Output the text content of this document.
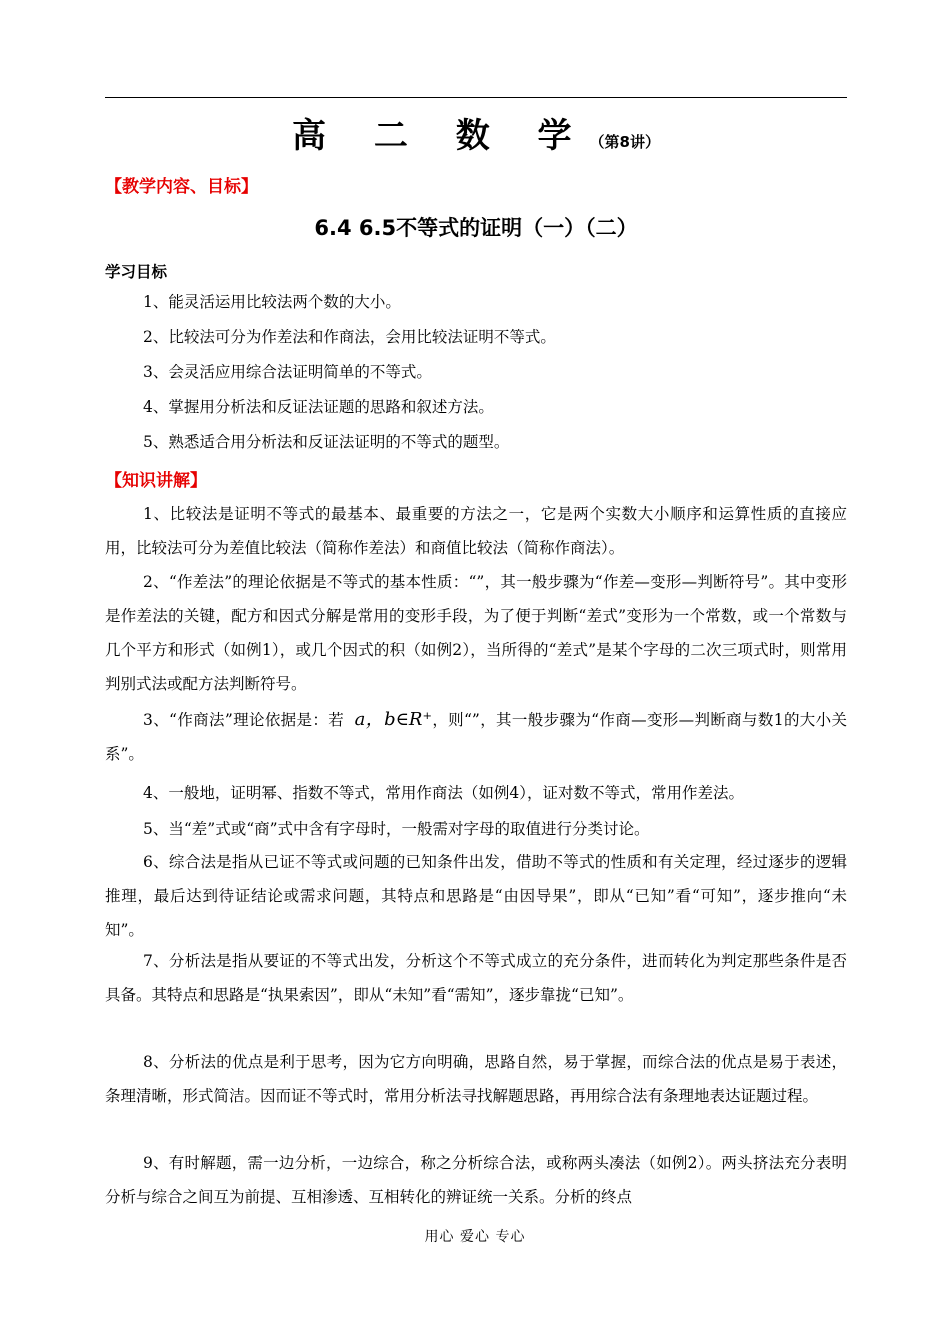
高 二 数 学（第8讲）
【教学内容、目标】
6.4 6.5不等式的证明（一）（二）
学习目标
1、能灵活运用比较法两个数的大小。
2、比较法可分为作差法和作商法，会用比较法证明不等式。
3、会灵活应用综合法证明简单的不等式。
4、掌握用分析法和反证法证题的思路和叙述方法。
5、熟悉适合用分析法和反证法证明的不等式的题型。
【知识讲解】
1、比较法是证明不等式的最基本、最重要的方法之一，它是两个实数大小顺序和运算性质的直接应用，比较法可分为差值比较法（简称作差法）和商值比较法（简称作商法）。
2、“作差法”的理论依据是不等式的基本性质：“”，其一般步骤为“作差—变形—判断符号”。其中变形是作差法的关键，配方和因式分解是常用的变形手段，为了便于判断“差式”变形为一个常数，或一个常数与几个平方和形式（如例1），或几个因式的积（如例2），当所得的“差式”是某个字母的二次三项式时，则常用判别式法或配方法判断符号。
3、“作商法”理论依据是：若 a，b∈R⁺，则“”，其一般步骤为“作商—变形—判断商与数1的大小关系”。
4、一般地，证明幂、指数不等式，常用作商法（如例4），证对数不等式，常用作差法。
5、当“差”式或“商”式中含有字母时，一般需对字母的取值进行分类讨论。
6、综合法是指从已证不等式或问题的已知条件出发，借助不等式的性质和有关定理，经过逐步的逻辑推理，最后达到待证结论或需求问题，其特点和思路是“由因导果”，即从“已知”看“可知”，逐步推向“未知”。
7、分析法是指从要证的不等式出发，分析这个不等式成立的充分条件，进而转化为判定那些条件是否具备。其特点和思路是“执果索因”，即从“未知”看“需知”，逐步靠拢“已知”。
8、分析法的优点是利于思考，因为它方向明确，思路自然，易于掌握，而综合法的优点是易于表述，条理清晰，形式简洁。因而证不等式时，常用分析法寻找解题思路，再用综合法有条理地表达证题过程。
9、有时解题，需一边分析，一边综合，称之分析综合法，或称两头凑法（如例2）。两头挤法充分表明分析与综合之间互为前提、互相渗透、互相转化的辨证统一关系。分析的终点
用心 爱心 专心
